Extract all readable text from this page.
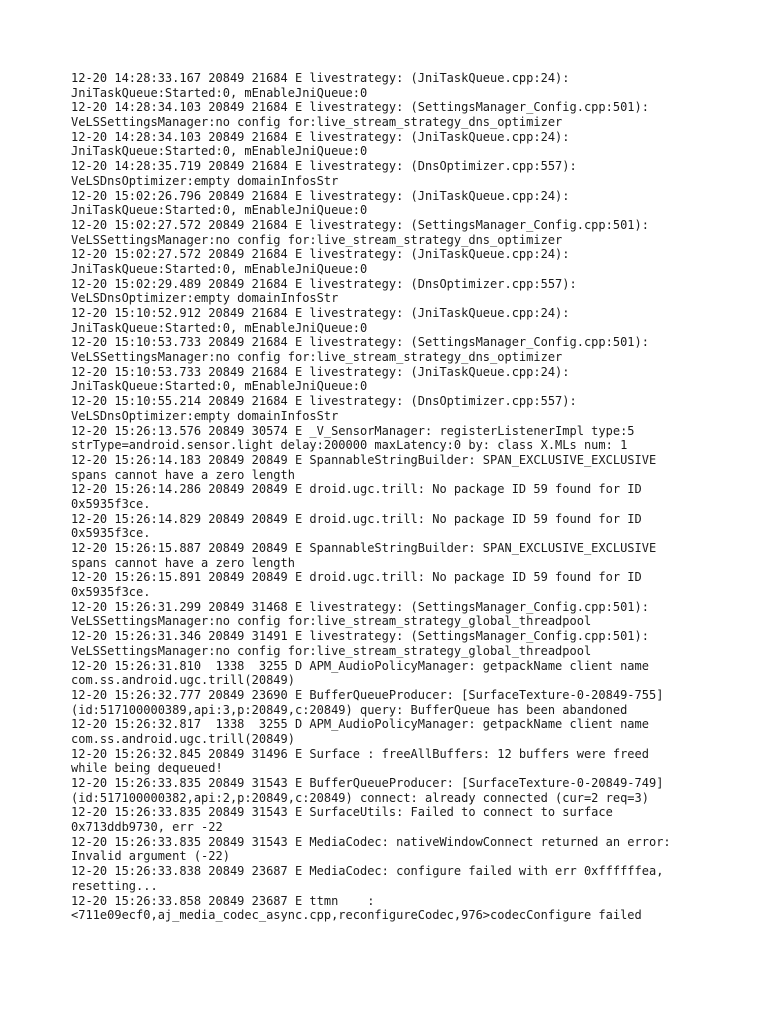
12-20 14:28:33.167 20849 21684 E livestrategy: (JniTaskQueue.cpp:24):
JniTaskQueue:Started:0, mEnableJniQueue:0
12-20 14:28:34.103 20849 21684 E livestrategy: (SettingsManager_Config.cpp:501):
VeLSSettingsManager:no config for:live_stream_strategy_dns_optimizer
12-20 14:28:34.103 20849 21684 E livestrategy: (JniTaskQueue.cpp:24):
JniTaskQueue:Started:0, mEnableJniQueue:0
12-20 14:28:35.719 20849 21684 E livestrategy: (DnsOptimizer.cpp:557):
VeLSDnsOptimizer:empty domainInfosStr
12-20 15:02:26.796 20849 21684 E livestrategy: (JniTaskQueue.cpp:24):
JniTaskQueue:Started:0, mEnableJniQueue:0
12-20 15:02:27.572 20849 21684 E livestrategy: (SettingsManager_Config.cpp:501):
VeLSSettingsManager:no config for:live_stream_strategy_dns_optimizer
12-20 15:02:27.572 20849 21684 E livestrategy: (JniTaskQueue.cpp:24):
JniTaskQueue:Started:0, mEnableJniQueue:0
12-20 15:02:29.489 20849 21684 E livestrategy: (DnsOptimizer.cpp:557):
VeLSDnsOptimizer:empty domainInfosStr
12-20 15:10:52.912 20849 21684 E livestrategy: (JniTaskQueue.cpp:24):
JniTaskQueue:Started:0, mEnableJniQueue:0
12-20 15:10:53.733 20849 21684 E livestrategy: (SettingsManager_Config.cpp:501):
VeLSSettingsManager:no config for:live_stream_strategy_dns_optimizer
12-20 15:10:53.733 20849 21684 E livestrategy: (JniTaskQueue.cpp:24):
JniTaskQueue:Started:0, mEnableJniQueue:0
12-20 15:10:55.214 20849 21684 E livestrategy: (DnsOptimizer.cpp:557):
VeLSDnsOptimizer:empty domainInfosStr
12-20 15:26:13.576 20849 30574 E _V_SensorManager: registerListenerImpl type:5
strType=android.sensor.light delay:200000 maxLatency:0 by: class X.MLs num: 1
12-20 15:26:14.183 20849 20849 E SpannableStringBuilder: SPAN_EXCLUSIVE_EXCLUSIVE
spans cannot have a zero length
12-20 15:26:14.286 20849 20849 E droid.ugc.trill: No package ID 59 found for ID
0x5935f3ce.
12-20 15:26:14.829 20849 20849 E droid.ugc.trill: No package ID 59 found for ID
0x5935f3ce.
12-20 15:26:15.887 20849 20849 E SpannableStringBuilder: SPAN_EXCLUSIVE_EXCLUSIVE
spans cannot have a zero length
12-20 15:26:15.891 20849 20849 E droid.ugc.trill: No package ID 59 found for ID
0x5935f3ce.
12-20 15:26:31.299 20849 31468 E livestrategy: (SettingsManager_Config.cpp:501):
VeLSSettingsManager:no config for:live_stream_strategy_global_threadpool
12-20 15:26:31.346 20849 31491 E livestrategy: (SettingsManager_Config.cpp:501):
VeLSSettingsManager:no config for:live_stream_strategy_global_threadpool
12-20 15:26:31.810  1338  3255 D APM_AudioPolicyManager: getpackName client name
com.ss.android.ugc.trill(20849)
12-20 15:26:32.777 20849 23690 E BufferQueueProducer: [SurfaceTexture-0-20849-755]
(id:517100000389,api:3,p:20849,c:20849) query: BufferQueue has been abandoned
12-20 15:26:32.817  1338  3255 D APM_AudioPolicyManager: getpackName client name
com.ss.android.ugc.trill(20849)
12-20 15:26:32.845 20849 31496 E Surface : freeAllBuffers: 12 buffers were freed
while being dequeued!
12-20 15:26:33.835 20849 31543 E BufferQueueProducer: [SurfaceTexture-0-20849-749]
(id:517100000382,api:2,p:20849,c:20849) connect: already connected (cur=2 req=3)
12-20 15:26:33.835 20849 31543 E SurfaceUtils: Failed to connect to surface
0x713ddb9730, err -22
12-20 15:26:33.835 20849 31543 E MediaCodec: nativeWindowConnect returned an error:
Invalid argument (-22)
12-20 15:26:33.838 20849 23687 E MediaCodec: configure failed with err 0xffffffea,
resetting...
12-20 15:26:33.858 20849 23687 E ttmn    :
<711e09ecf0,aj_media_codec_async.cpp,reconfigureCodec,976>codecConfigure failed
